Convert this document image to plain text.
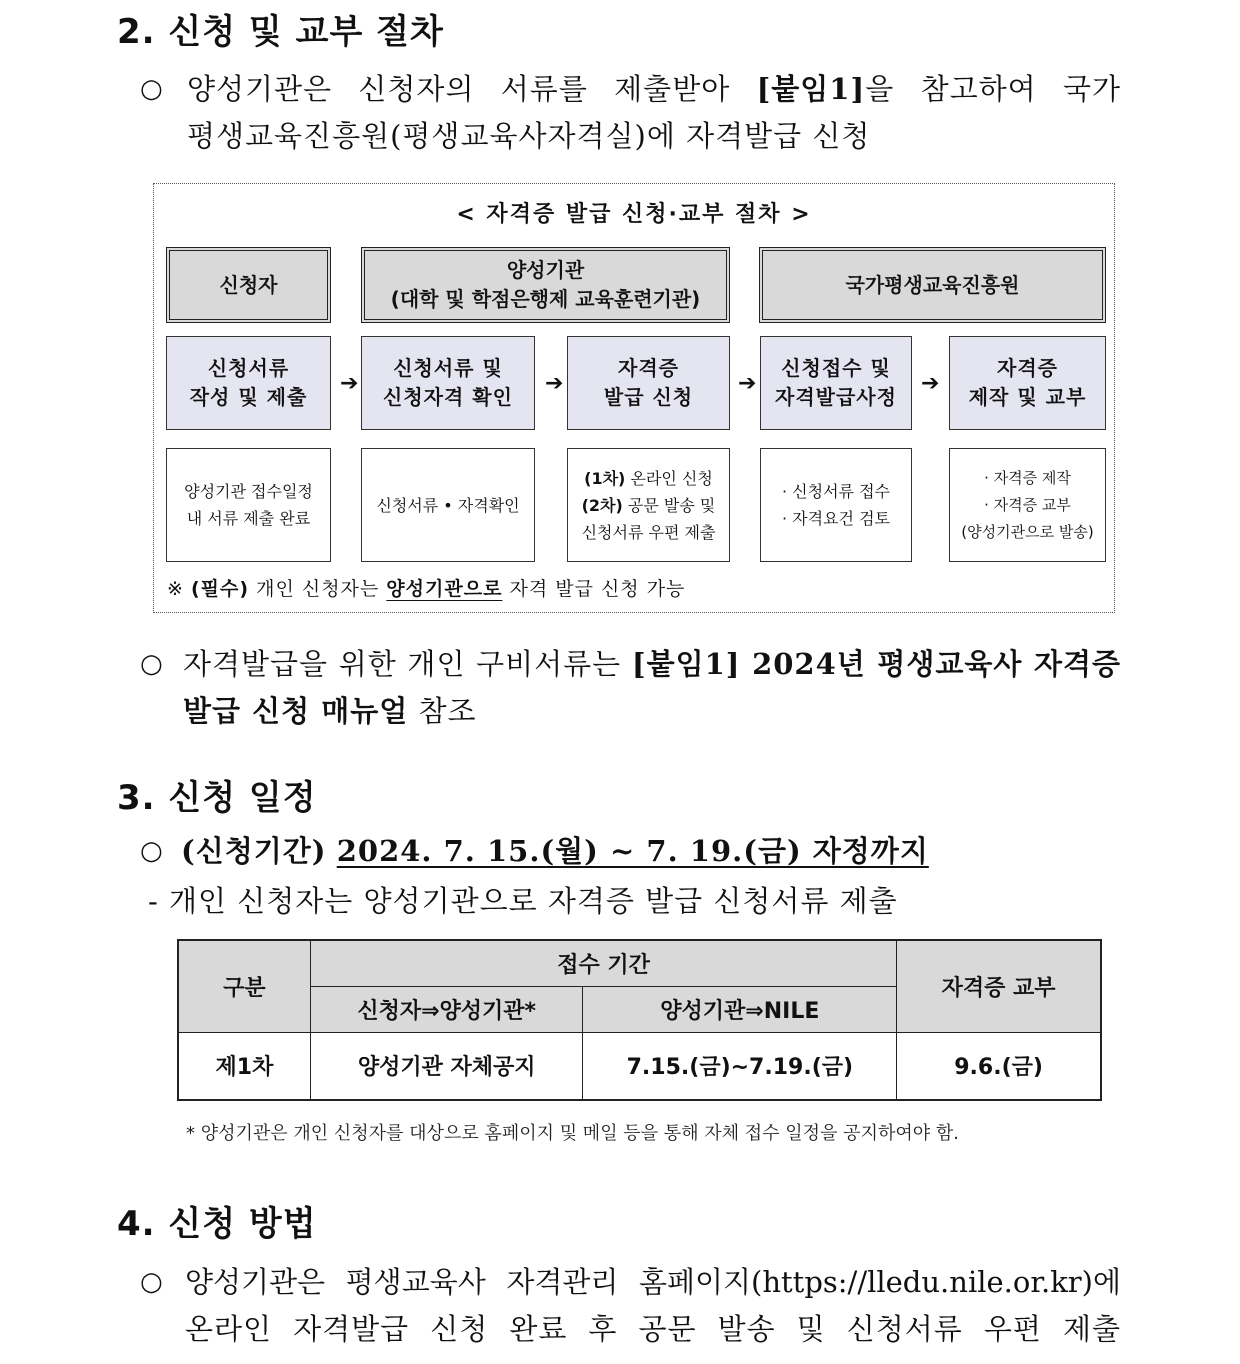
2. 신청 및 교부 절차
○ 양성기관은 신청자의 서류를 제출받아 [붙임1]을 참고하여 국가
평생교육진흥원(평생교육사자격실)에 자격발급 신청
< 자격증 발급 신청·교부 절차 >
신청자
양성기관
(대학 및 학점은행제 교육훈련기관)
국가평생교육진흥원
신청서류
작성 및 제출
➔
신청서류 및
신청자격 확인
➔
자격증
발급 신청
➔
신청접수 및
자격발급사정
➔
자격증
제작 및 교부
양성기관 접수일정
내 서류 제출 완료
신청서류 • 자격확인
(1차) 온라인 신청
(2차) 공문 발송 및
신청서류 우편 제출
· 신청서류 접수
· 자격요건 검토
· 자격증 제작
· 자격증 교부
(양성기관으로 발송)
※ (필수) 개인 신청자는 양성기관으로 자격 발급 신청 가능
○ 자격발급을 위한 개인 구비서류는 [붙임1] 2024년 평생교육사 자격증
발급 신청 매뉴얼 참조
3. 신청 일정
○ (신청기간) 2024. 7. 15.(월) ~ 7. 19.(금) 자정까지
- 개인 신청자는 양성기관으로 자격증 발급 신청서류 제출
구분	접수 기간		자격증 교부
	신청자⇒양성기관*	양성기관⇒NILE	
제1차	양성기관 자체공지	7.15.(금)~7.19.(금)	9.6.(금)
* 양성기관은 개인 신청자를 대상으로 홈페이지 및 메일 등을 통해 자체 접수 일정을 공지하여야 함.
4. 신청 방법
○ 양성기관은 평생교육사 자격관리 홈페이지(https://lledu.nile.or.kr)에
온라인 자격발급 신청 완료 후 공문 발송 및 신청서류 우편 제출
